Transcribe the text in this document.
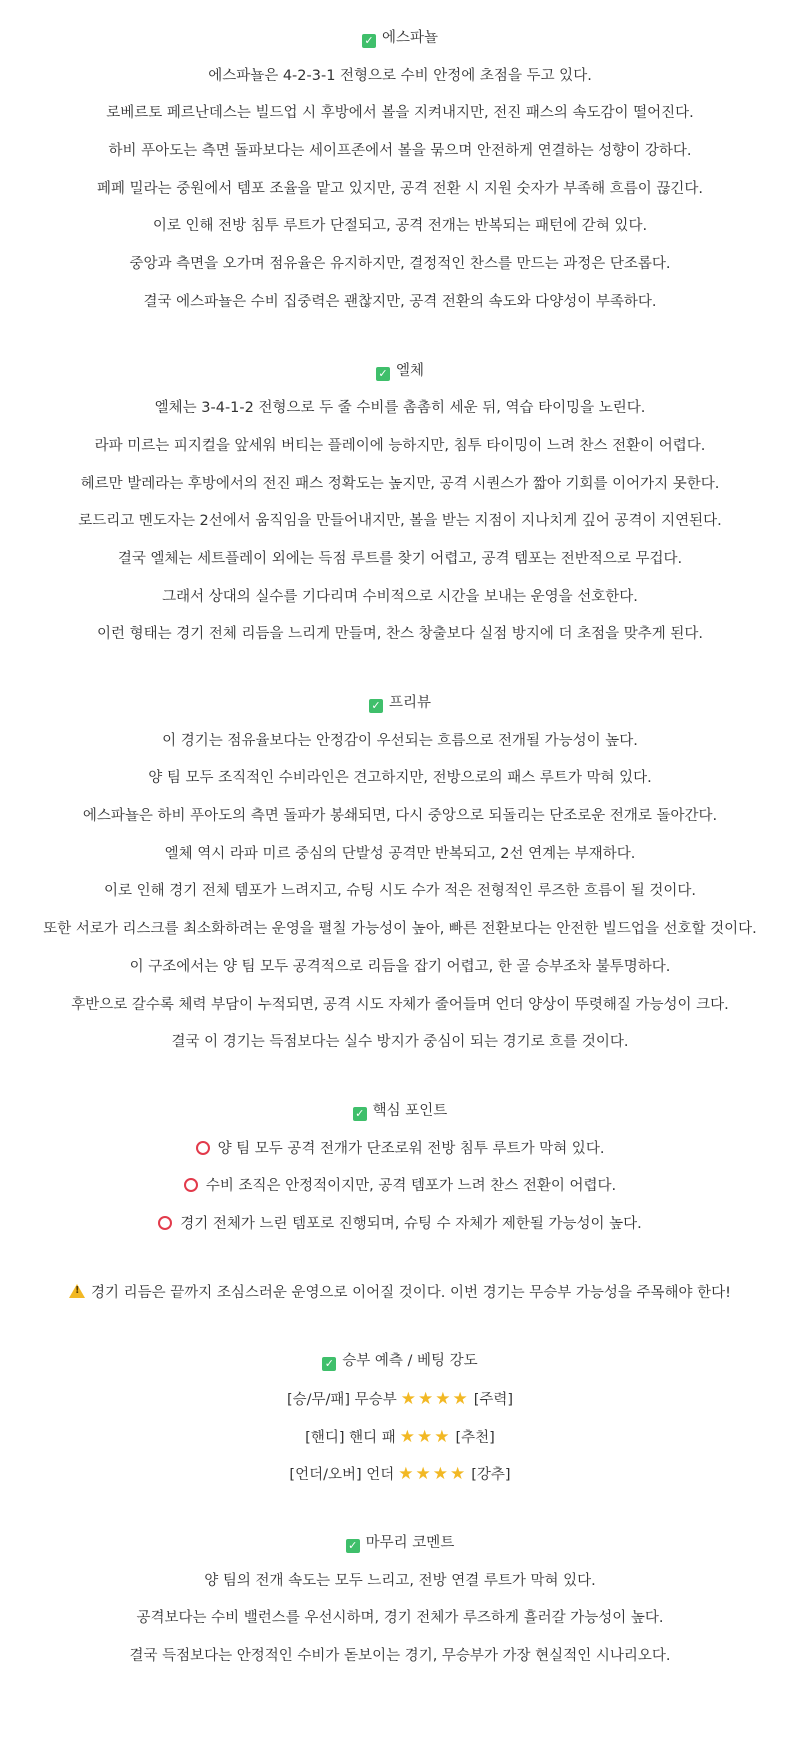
✓ 에스파뇰
에스파뇰은 4-2-3-1 전형으로 수비 안정에 초점을 두고 있다.
로베르토 페르난데스는 빌드업 시 후방에서 볼을 지켜내지만, 전진 패스의 속도감이 떨어진다.
하비 푸아도는 측면 돌파보다는 세이프존에서 볼을 묶으며 안전하게 연결하는 성향이 강하다.
페페 밀라는 중원에서 템포 조율을 맡고 있지만, 공격 전환 시 지원 숫자가 부족해 흐름이 끊긴다.
이로 인해 전방 침투 루트가 단절되고, 공격 전개는 반복되는 패턴에 갇혀 있다.
중앙과 측면을 오가며 점유율은 유지하지만, 결정적인 찬스를 만드는 과정은 단조롭다.
결국 에스파뇰은 수비 집중력은 괜찮지만, 공격 전환의 속도와 다양성이 부족하다.
✓ 엘체
엘체는 3-4-1-2 전형으로 두 줄 수비를 촘촘히 세운 뒤, 역습 타이밍을 노린다.
라파 미르는 피지컬을 앞세워 버티는 플레이에 능하지만, 침투 타이밍이 느려 찬스 전환이 어렵다.
헤르만 발레라는 후방에서의 전진 패스 정확도는 높지만, 공격 시퀀스가 짧아 기회를 이어가지 못한다.
로드리고 멘도자는 2선에서 움직임을 만들어내지만, 볼을 받는 지점이 지나치게 깊어 공격이 지연된다.
결국 엘체는 세트플레이 외에는 득점 루트를 찾기 어렵고, 공격 템포는 전반적으로 무겁다.
그래서 상대의 실수를 기다리며 수비적으로 시간을 보내는 운영을 선호한다.
이런 형태는 경기 전체 리듬을 느리게 만들며, 찬스 창출보다 실점 방지에 더 초점을 맞추게 된다.
✓ 프리뷰
이 경기는 점유율보다는 안정감이 우선되는 흐름으로 전개될 가능성이 높다.
양 팀 모두 조직적인 수비라인은 견고하지만, 전방으로의 패스 루트가 막혀 있다.
에스파뇰은 하비 푸아도의 측면 돌파가 봉쇄되면, 다시 중앙으로 되돌리는 단조로운 전개로 돌아간다.
엘체 역시 라파 미르 중심의 단발성 공격만 반복되고, 2선 연계는 부재하다.
이로 인해 경기 전체 템포가 느려지고, 슈팅 시도 수가 적은 전형적인 루즈한 흐름이 될 것이다.
또한 서로가 리스크를 최소화하려는 운영을 펼칠 가능성이 높아, 빠른 전환보다는 안전한 빌드업을 선호할 것이다.
이 구조에서는 양 팀 모두 공격적으로 리듬을 잡기 어렵고, 한 골 승부조차 불투명하다.
후반으로 갈수록 체력 부담이 누적되면, 공격 시도 자체가 줄어들며 언더 양상이 뚜렷해질 가능성이 크다.
결국 이 경기는 득점보다는 실수 방지가 중심이 되는 경기로 흐를 것이다.
✓ 핵심 포인트
양 팀 모두 공격 전개가 단조로워 전방 침투 루트가 막혀 있다.
수비 조직은 안정적이지만, 공격 템포가 느려 찬스 전환이 어렵다.
경기 전체가 느린 템포로 진행되며, 슈팅 수 자체가 제한될 가능성이 높다.
!경기 리듬은 끝까지 조심스러운 운영으로 이어질 것이다. 이번 경기는 무승부 가능성을 주목해야 한다!
✓ 승부 예측 / 베팅 강도
[승/무/패] 무승부 ★★★★ [주력]
[핸디] 핸디 패 ★★★ [추천]
[언더/오버] 언더 ★★★★ [강추]
✓ 마무리 코멘트
양 팀의 전개 속도는 모두 느리고, 전방 연결 루트가 막혀 있다.
공격보다는 수비 밸런스를 우선시하며, 경기 전체가 루즈하게 흘러갈 가능성이 높다.
결국 득점보다는 안정적인 수비가 돋보이는 경기, 무승부가 가장 현실적인 시나리오다.
